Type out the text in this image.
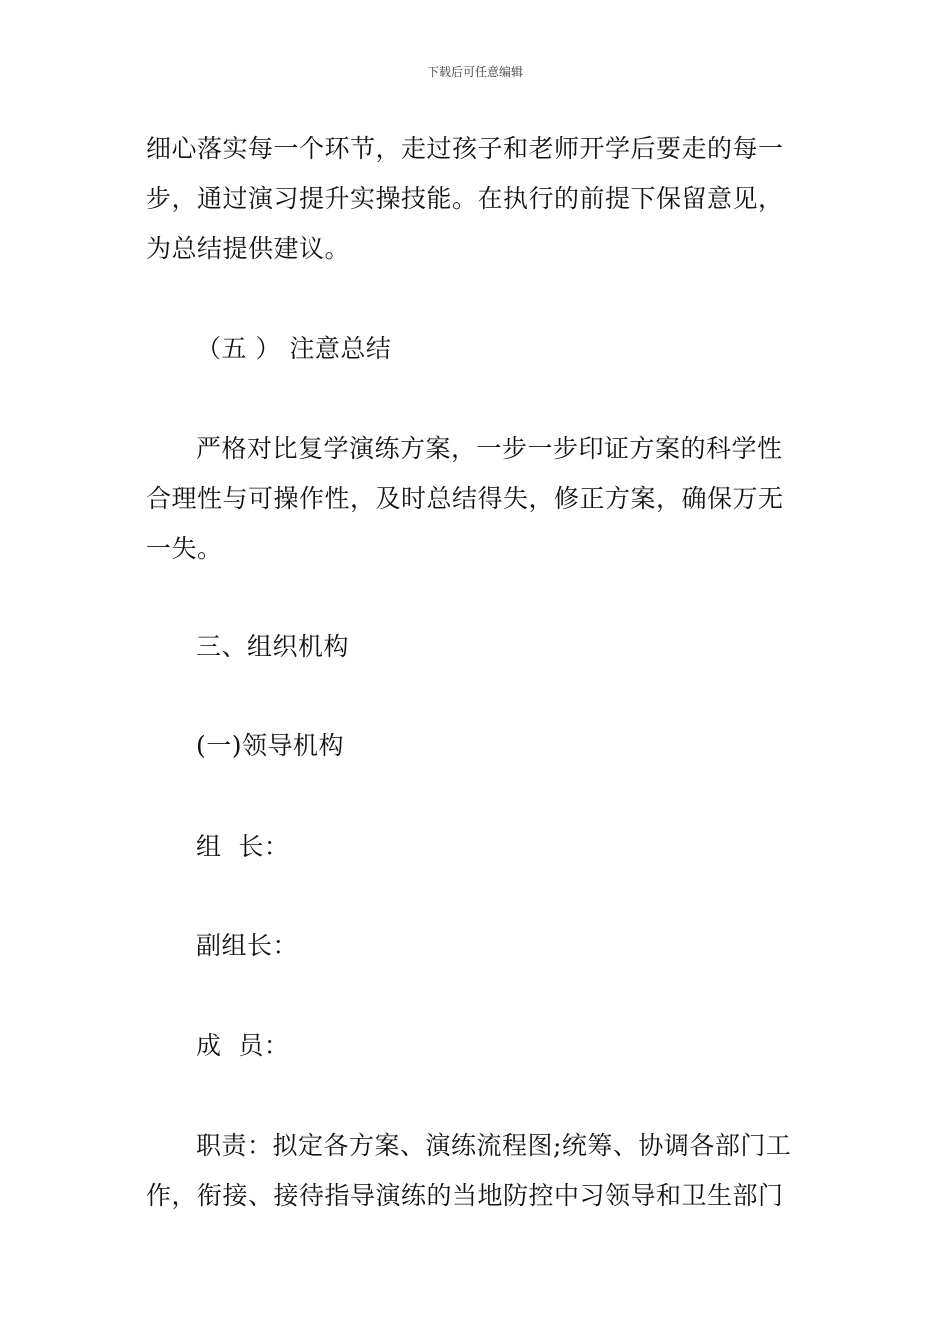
下载后可任意编辑
细心落实每一个环节，走过孩子和老师开学后要走的每一
步，通过演习提升实操技能。在执行的前提下保留意见，
为总结提供建议。
（五 ） 注意总结
严格对比复学演练方案，一步一步印证方案的科学性
合理性与可操作性，及时总结得失，修正方案，确保万无
一失。
三、组织机构
(一)领导机构
组  长：
副组长：
成  员：
职责：拟定各方案、演练流程图;统筹、协调各部门工
作，衔接、接待指导演练的当地防控中习领导和卫生部门
